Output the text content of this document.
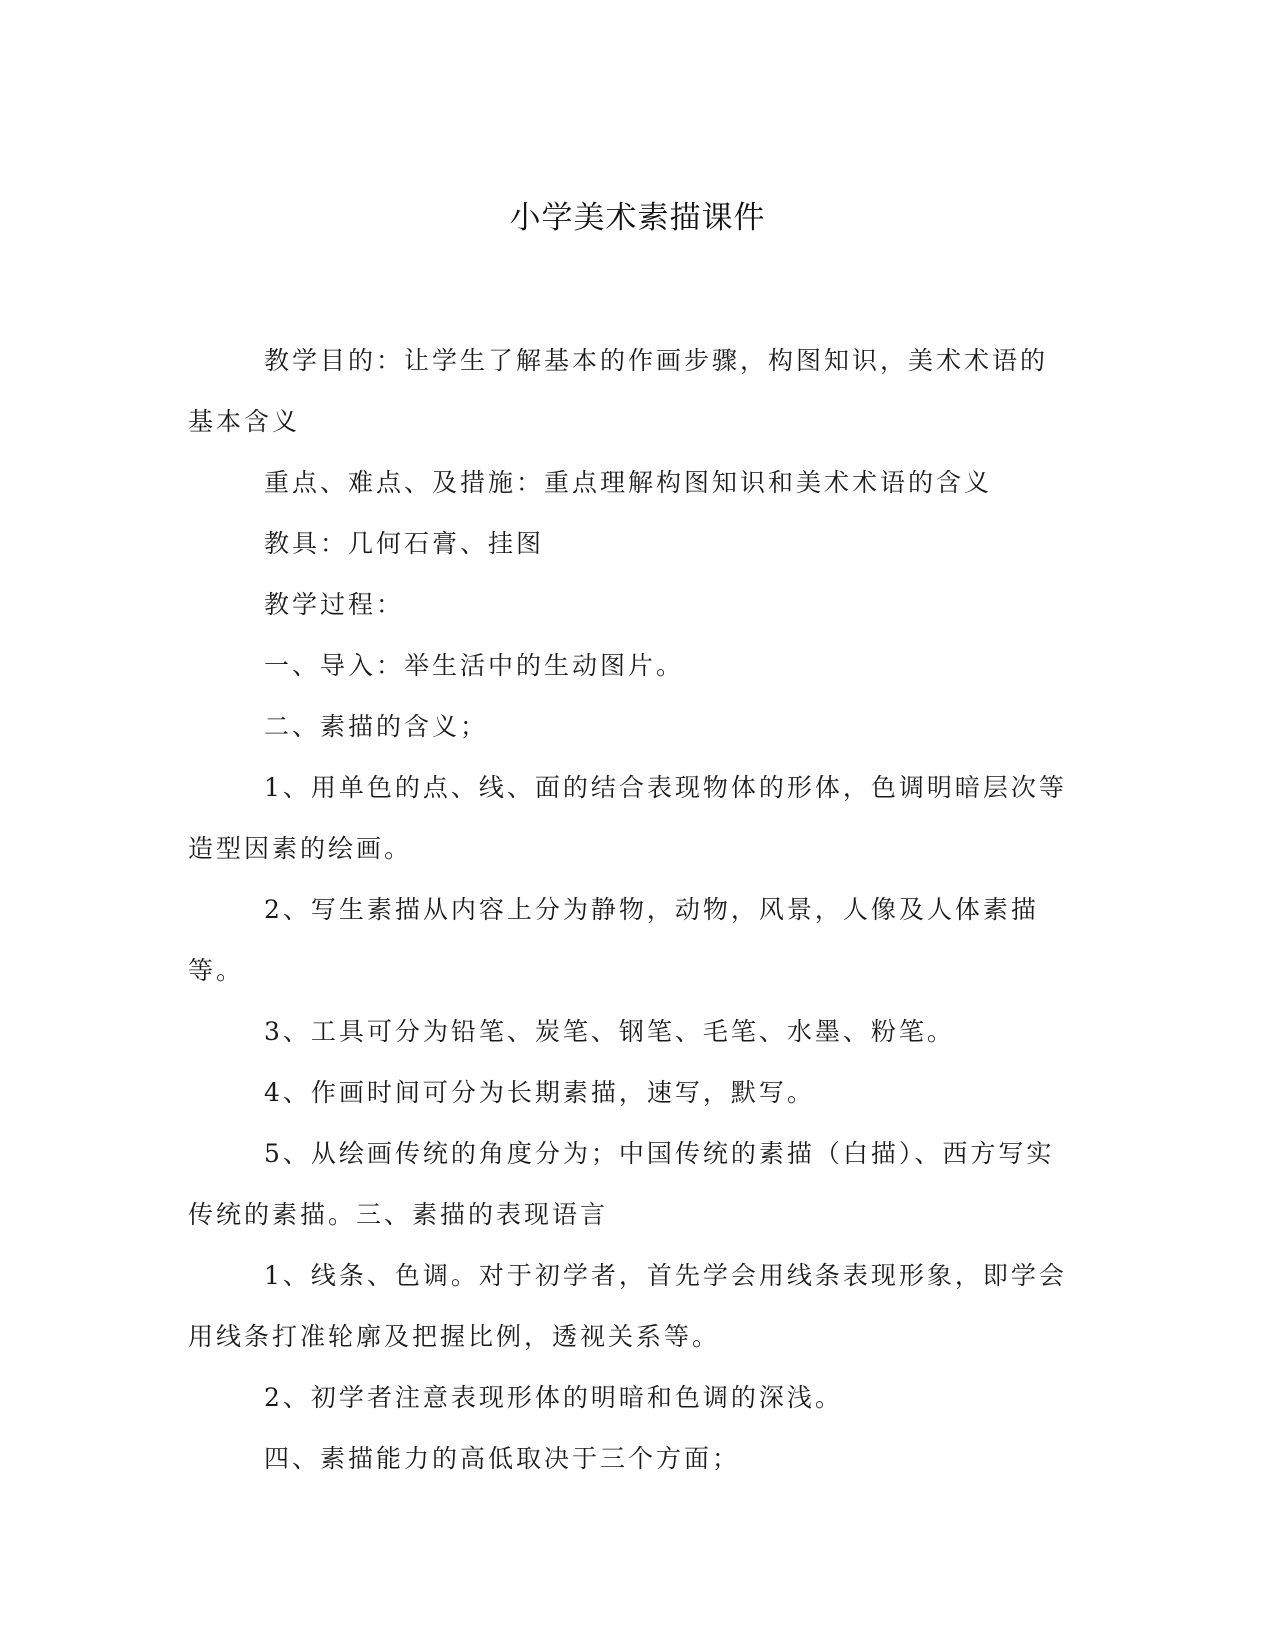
小学美术素描课件

教学目的：让学生了解基本的作画步骤，构图知识，美术术语的基本含义

重点、难点、及措施：重点理解构图知识和美术术语的含义

教具：几何石膏、挂图

教学过程：

一、导入：举生活中的生动图片。

二、素描的含义；

1、用单色的点、线、面的结合表现物体的形体，色调明暗层次等造型因素的绘画。

2、写生素描从内容上分为静物，动物，风景，人像及人体素描等。

3、工具可分为铅笔、炭笔、钢笔、毛笔、水墨、粉笔。

4、作画时间可分为长期素描，速写，默写。

5、从绘画传统的角度分为；中国传统的素描（白描）、西方写实传统的素描。三、素描的表现语言

1、线条、色调。对于初学者，首先学会用线条表现形象，即学会用线条打准轮廓及把握比例，透视关系等。

2、初学者注意表现形体的明暗和色调的深浅。

四、素描能力的高低取决于三个方面；
